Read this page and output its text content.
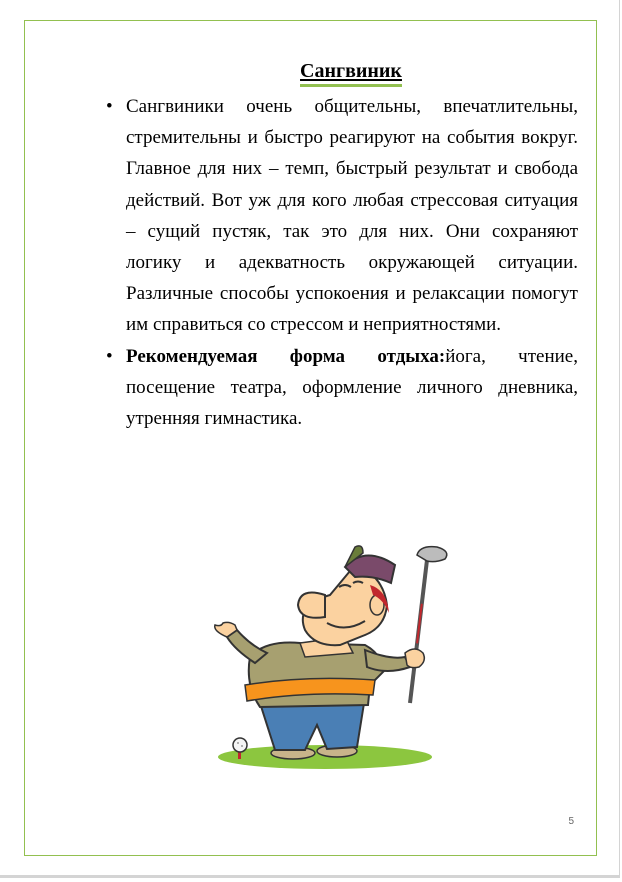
Сангвиник
• Сангвиники очень общительны, впечатлительны, стремительны и быстро реагируют на события вокруг. Главное для них – темп, быстрый результат и свобода действий. Вот уж для кого любая стрессовая ситуация – сущий пустяк, так это для них. Они сохраняют логику и адекватность окружающей ситуации. Различные способы успокоения и релаксации помогут им справиться со стрессом и неприятностями.
• Рекомендуемая форма отдыха:йога, чтение, посещение театра, оформление личного дневника, утренняя гимнастика.
5
